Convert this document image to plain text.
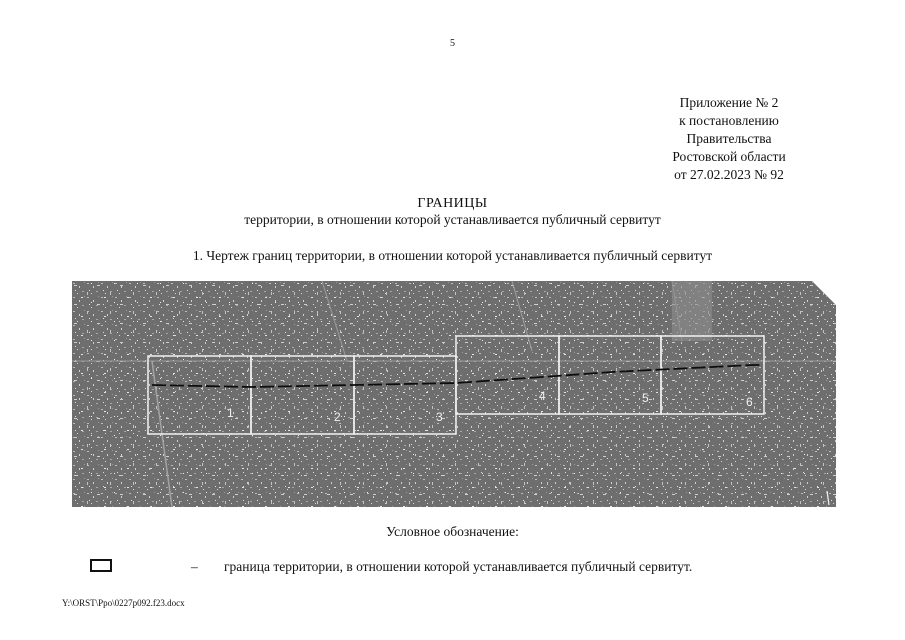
5
Приложение № 2
к постановлению
Правительства
Ростовской области
от 27.02.2023 № 92
ГРАНИЦЫ
территории, в отношении которой устанавливается публичный сервитут
1. Чертеж границ территории, в отношении которой устанавливается публичный сервитут
1	2	3
4	5	6
Условное обозначение:
– граница территории, в отношении которой устанавливается публичный сервитут.
Y:\ORST\Ppo\0227p092.f23.docx
